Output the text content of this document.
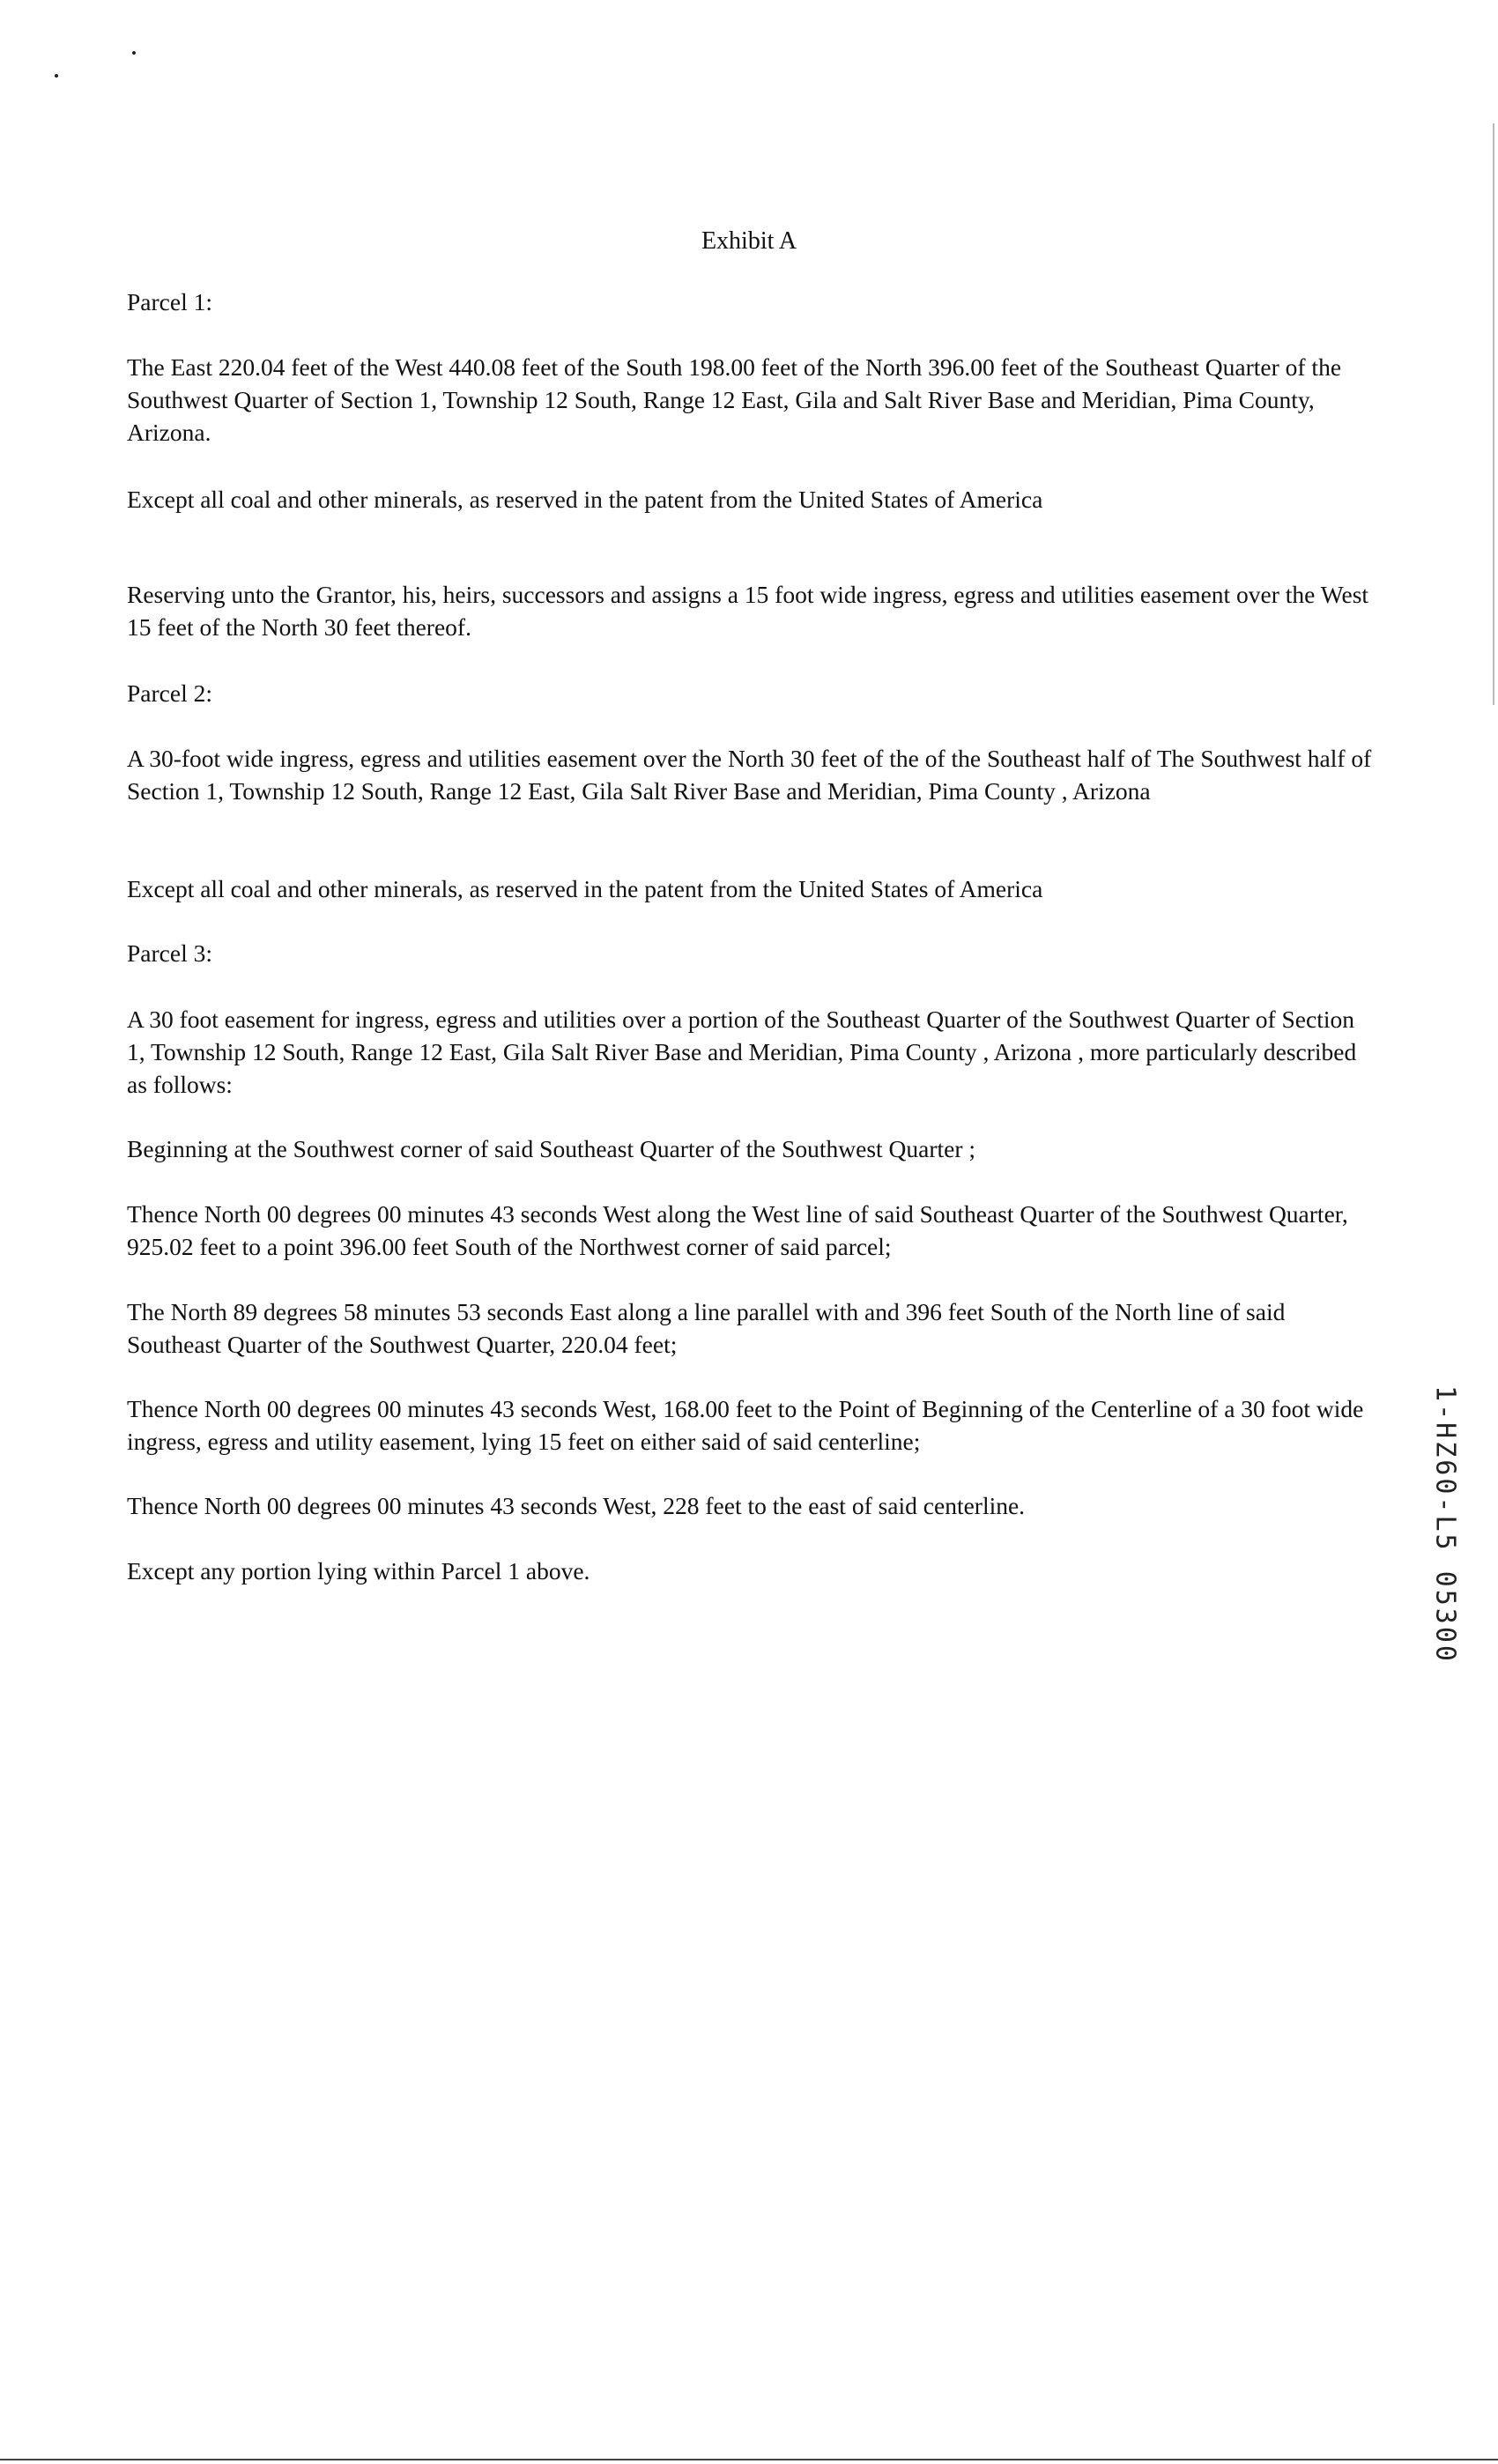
Exhibit A
Parcel 1:
The East 220.04 feet of the West 440.08 feet of the South 198.00 feet of the North 396.00 feet of the Southeast Quarter of the Southwest Quarter of Section 1, Township 12 South, Range 12 East, Gila and Salt River Base and Meridian, Pima County, Arizona.
Except all coal and other minerals, as reserved in the patent from the United States of America
Reserving unto the Grantor, his, heirs, successors and assigns a 15 foot wide ingress, egress and utilities easement over the West 15 feet of the North 30 feet thereof.
Parcel 2:
A 30-foot wide ingress, egress and utilities easement over the North 30 feet of the of the Southeast half of The Southwest half of Section 1, Township 12 South, Range 12 East, Gila Salt River Base and Meridian, Pima County , Arizona
Except all coal and other minerals, as reserved in the patent from the United States of America
Parcel 3:
A 30 foot easement for ingress, egress and utilities over a portion of the Southeast Quarter of the Southwest Quarter of Section 1, Township 12 South, Range 12 East, Gila Salt River Base and Meridian, Pima County , Arizona , more particularly described as follows:
Beginning at the Southwest corner of said Southeast Quarter of the Southwest Quarter ;
Thence North 00 degrees 00 minutes 43 seconds West along the West line of said Southeast Quarter of the Southwest Quarter, 925.02 feet to a point 396.00 feet South of the Northwest corner of said parcel;
The North 89 degrees 58 minutes 53 seconds East along a line parallel with and 396 feet South of the North line of said Southeast Quarter of the Southwest Quarter, 220.04 feet;
Thence North 00 degrees 00 minutes 43 seconds West, 168.00 feet to the Point of Beginning of the Centerline of a 30 foot wide ingress, egress and utility easement, lying 15 feet on either said of said centerline;
Thence North 00 degrees 00 minutes 43 seconds West, 228 feet to the east of said centerline.
Except any portion lying within Parcel 1 above.	1-HZ60-L5 05300
